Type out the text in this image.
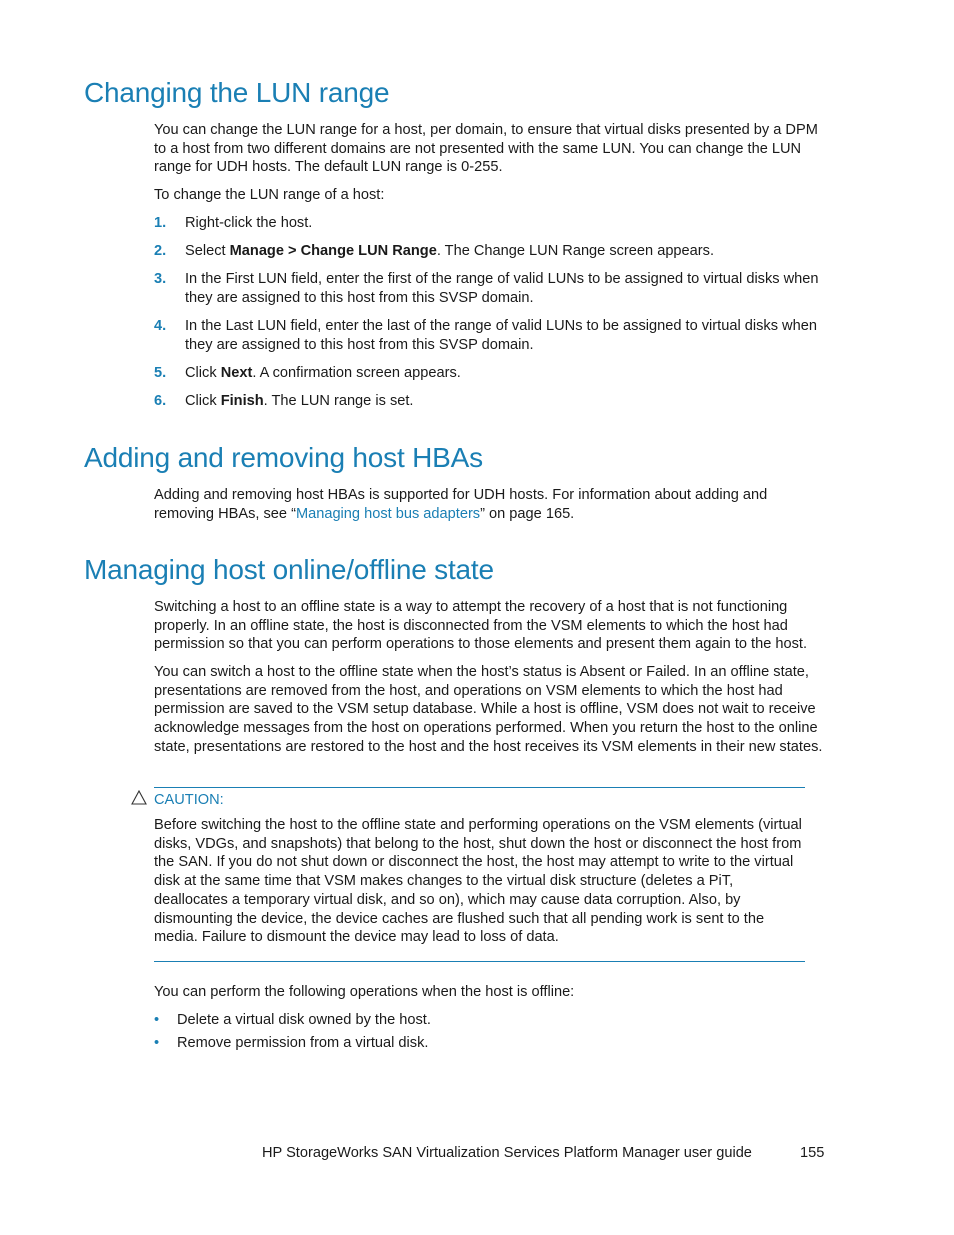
Changing the LUN range

You can change the LUN range for a host, per domain, to ensure that virtual disks presented by a DPM to a host from two different domains are not presented with the same LUN. You can change the LUN range for UDH hosts. The default LUN range is 0-255.

To change the LUN range of a host:

1. Right-click the host.
2. Select Manage > Change LUN Range. The Change LUN Range screen appears.
3. In the First LUN field, enter the first of the range of valid LUNs to be assigned to virtual disks when they are assigned to this host from this SVSP domain.
4. In the Last LUN field, enter the last of the range of valid LUNs to be assigned to virtual disks when they are assigned to this host from this SVSP domain.
5. Click Next. A confirmation screen appears.
6. Click Finish. The LUN range is set.
Adding and removing host HBAs

Adding and removing host HBAs is supported for UDH hosts. For information about adding and removing HBAs, see “Managing host bus adapters” on page 165.

Managing host online/offline state

Switching a host to an offline state is a way to attempt the recovery of a host that is not functioning properly. In an offline state, the host is disconnected from the VSM elements to which the host had permission so that you can perform operations to those elements and present them again to the host.

You can switch a host to the offline state when the host’s status is Absent or Failed. In an offline state, presentations are removed from the host, and operations on VSM elements to which the host had permission are saved to the VSM setup database. While a host is offline, VSM does not wait to receive acknowledge messages from the host on operations performed. When you return the host to the online state, presentations are restored to the host and the host receives its VSM elements in their new states.

CAUTION:

Before switching the host to the offline state and performing operations on the VSM elements (virtual disks, VDGs, and snapshots) that belong to the host, shut down the host or disconnect the host from the SAN. If you do not shut down or disconnect the host, the host may attempt to write to the virtual disk at the same time that VSM makes changes to the virtual disk structure (deletes a PiT, deallocates a temporary virtual disk, and so on), which may cause data corruption. Also, by dismounting the device, the device caches are flushed such that all pending work is sent to the media. Failure to dismount the device may lead to loss of data.

You can perform the following operations when the host is offline:

• Delete a virtual disk owned by the host.
• Remove permission from a virtual disk.
HP StorageWorks SAN Virtualization Services Platform Manager user guide	155
